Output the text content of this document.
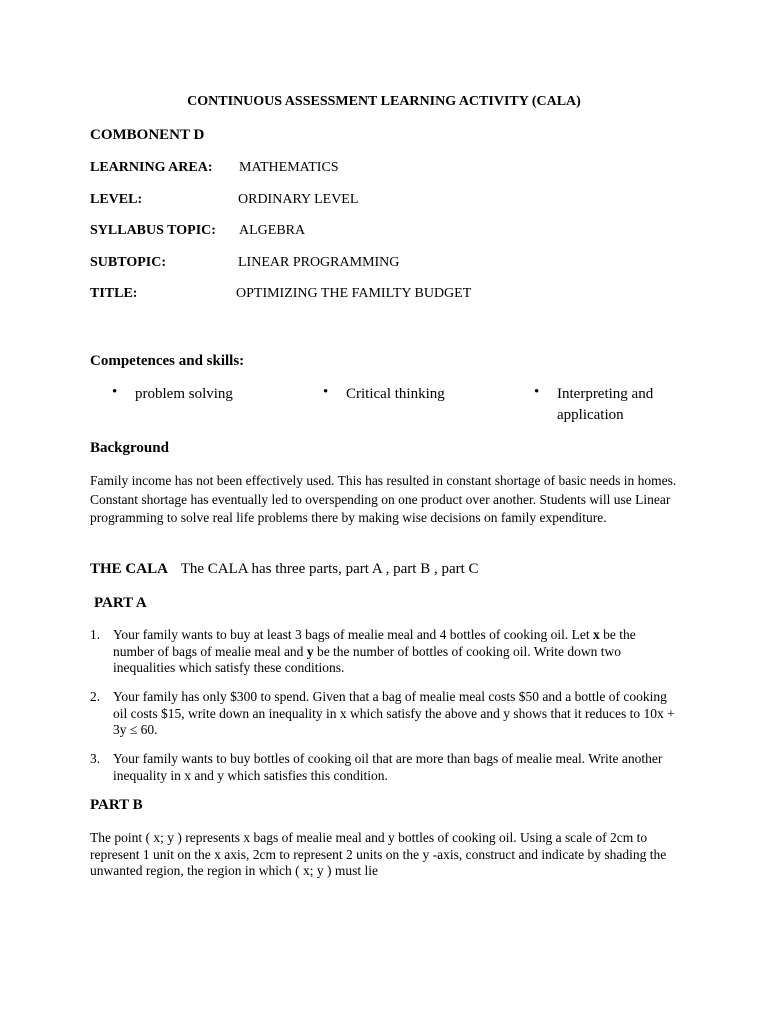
CONTINUOUS ASSESSMENT LEARNING ACTIVITY (CALA)
COMBONENT D
LEARNING AREA: MATHEMATICS
LEVEL:	ORDINARY LEVEL
SYLLABUS TOPIC: ALGEBRA
SUBTOPIC:	LINEAR PROGRAMMING
TITLE:	OPTIMIZING THE FAMILTY BUDGET
Competences and skills:
• problem solving	• Critical thinking	• Interpreting and
application
Background
Family income has not been effectively used. This has resulted in constant shortage of basic needs in homes. Constant shortage has eventually led to overspending on one product over another. Students will use Linear programming to solve real life problems there by making wise decisions on family expenditure.
THE CALA The CALA has three parts, part A , part B , part C
PART A
1. Your family wants to buy at least 3 bags of mealie meal and 4 bottles of cooking oil. Let x be the number of bags of mealie meal and y be the number of bottles of cooking oil. Write down two inequalities which satisfy these conditions.
2. Your family has only $300 to spend. Given that a bag of mealie meal costs $50 and a bottle of cooking oil costs $15, write down an inequality in x which satisfy the above and y shows that it reduces to 10x + 3y ≤ 60.
3. Your family wants to buy bottles of cooking oil that are more than bags of mealie meal. Write another inequality in x and y which satisfies this condition.
PART B
The point ( x; y ) represents x bags of mealie meal and y bottles of cooking oil. Using a scale of 2cm to represent 1 unit on the x axis, 2cm to represent 2 units on the y -axis, construct and indicate by shading the unwanted region, the region in which ( x; y ) must lie
